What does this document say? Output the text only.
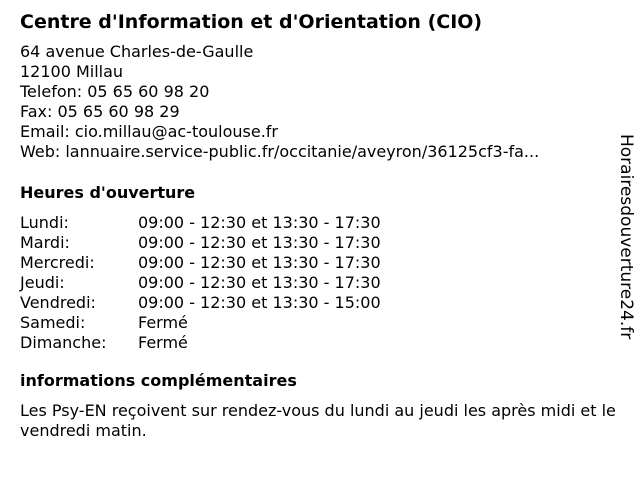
Centre d'Information et d'Orientation (CIO)
64 avenue Charles-de-Gaulle
12100 Millau
Telefon: 05 65 60 98 20
Fax: 05 65 60 98 29
Email: cio.millau@ac-toulouse.fr
Web: lannuaire.service-public.fr/occitanie/aveyron/36125cf3-fa...
Heures d'ouverture
Lundi:	09:00 - 12:30 et 13:30 - 17:30
Mardi:	09:00 - 12:30 et 13:30 - 17:30
Mercredi:	09:00 - 12:30 et 13:30 - 17:30
Jeudi:	09:00 - 12:30 et 13:30 - 17:30
Vendredi:	09:00 - 12:30 et 13:30 - 15:00
Samedi:	Fermé
Dimanche:	Fermé
informations complémentaires
Les Psy-EN reçoivent sur rendez-vous du lundi au jeudi les après midi et le vendredi matin.
Horairesdouverture24.fr
